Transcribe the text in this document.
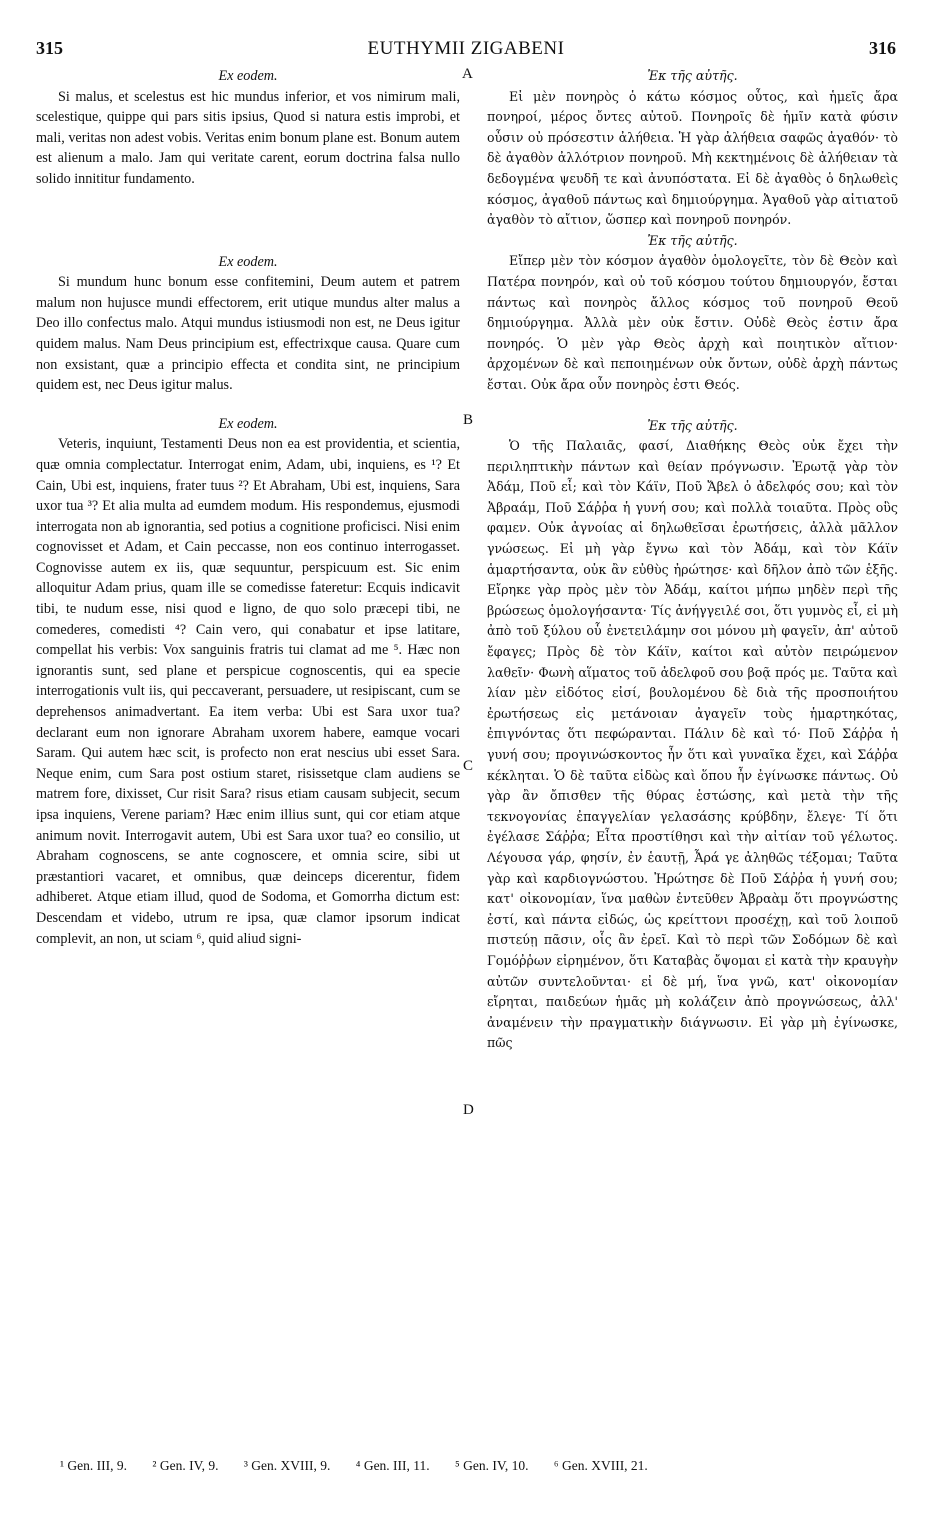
315	EUTHYMII ZIGABENI	316
Ex eodem.

Si malus, et scelestus est hic mundus inferior, et vos nimirum mali, scelestique, quippe qui pars sitis ipsius, Quod si natura estis improbi, et mali, veritas non adest vobis. Veritas enim bonum plane est. Bonum autem est alienum a malo. Jam qui veritate carent, eorum doctrina falsa nullo solido innititur fundamento.

Ex eodem.

Si mundum hunc bonum esse confitemini, Deum autem et patrem malum non hujusce mundi effectorem, erit utique mundus alter malus a Deo illo confectus malo. Atqui mundus istiusmodi non est, ne Deus igitur quidem malus. Nam Deus principium est, effectrixque causa. Quare cum non exsistant, quæ a principio effecta et condita sint, ne principium quidem est, nec Deus igitur malus.

Ex eodem.

Veteris, inquiunt, Testamenti Deus non ea est providentia, et scientia, quæ omnia complectatur. Interrogat enim, Adam, ubi, inquiens, es ¹? Et Cain, Ubi est, inquiens, frater tuus ²? Et Abraham, Ubi est, inquiens, Sara uxor tua ³? Et alia multa ad eumdem modum. His respondemus, ejusmodi interrogata non ab ignorantia, sed potius a cognitione proficisci. Nisi enim cognovisset et Adam, et Cain peccasse, non eos continuo interrogasset. Cognovisse autem ex iis, quæ sequuntur, perspicuum est. Sic enim alloquitur Adam prius, quam ille se comedisse fateretur: Ecquis indicavit tibi, te nudum esse, nisi quod e ligno, de quo solo præcepi tibi, ne comederes, comedisti ⁴? Cain vero, qui conabatur et ipse latitare, compellat his verbis: Vox sanguinis fratris tui clamat ad me ⁵. Hæc non ignorantis sunt, sed plane et perspicue cognoscentis, qui ea specie interrogationis vult iis, qui peccaverant, persuadere, ut resipiscant, cum se deprehensos animadvertant. Ea item verba: Ubi est Sara uxor tua? declarant eum non ignorare Abraham uxorem habere, eamque vocari Saram. Qui autem hæc scit, is profecto non erat nescius ubi esset Sara. Neque enim, cum Sara post ostium staret, risissetque clam audiens se matrem fore, dixisset, Cur risit Sara? risus etiam causam subjecit, secum ipsa inquiens, Verene pariam? Hæc enim illius sunt, qui cor etiam atque animum novit. Interrogavit autem, Ubi est Sara uxor tua? eo consilio, ut Abraham cognoscens, se ante cognoscere, et omnia scire, sibi ut præstantiori vacaret, et omnibus, quæ deinceps dicerentur, fidem adhiberet. Atque etiam illud, quod de Sodoma, et Gomorrha dictum est: Descendam et videbo, utrum re ipsa, quæ clamor ipsorum indicat complevit, an non, ut sciam ⁶, quid aliud signi-

Ἐκ τῆς αὐτῆς.

Εἰ μὲν πονηρὸς ὁ κάτω κόσμος οὗτος, καὶ ἡμεῖς ἄρα πονηροί, μέρος ὄντες αὐτοῦ. Πονηροῖς δὲ ἡμῖν κατὰ φύσιν οὖσιν οὐ πρόσεστιν ἀλήθεια. Ἡ γὰρ ἀλήθεια σαφῶς ἀγαθόν· τὸ δὲ ἀγαθὸν ἀλλότριον πονηροῦ. Μὴ κεκτημένοις δὲ ἀλήθειαν τὰ δεδογμένα ψευδῆ τε καὶ ἀνυπόστατα. Εἰ δὲ ἀγαθὸς ὁ δηλωθεὶς κόσμος, ἀγαθοῦ πάντως καὶ δημιούργημα. Ἀγαθοῦ γὰρ αἰτιατοῦ ἀγαθὸν τὸ αἴτιον, ὥσπερ καὶ πονηροῦ πονηρόν.

Ἐκ τῆς αὐτῆς.

Εἴπερ μὲν τὸν κόσμον ἀγαθὸν ὁμολογεῖτε, τὸν δὲ Θεὸν καὶ Πατέρα πονηρόν, καὶ οὐ τοῦ κόσμου τούτου δημιουργόν, ἔσται πάντως καὶ πονηρὸς ἄλλος κόσμος τοῦ πονηροῦ Θεοῦ δημιούργημα. Ἀλλὰ μὲν οὐκ ἔστιν. Οὐδὲ Θεὸς ἐστιν ἄρα πονηρός. Ὁ μὲν γὰρ Θεὸς ἀρχὴ καὶ ποιητικὸν αἴτιον· ἀρχομένων δὲ καὶ πεποιημένων οὐκ ὄντων, οὐδὲ ἀρχὴ πάντως ἔσται. Οὐκ ἄρα οὖν πονηρὸς ἐστι Θεός.

Ἐκ τῆς αὐτῆς.

Ὁ τῆς Παλαιᾶς, φασί, Διαθήκης Θεὸς οὐκ ἔχει τὴν περιληπτικὴν πάντων καὶ θείαν πρόγνωσιν. Ἐρωτᾷ γὰρ τὸν Ἀδάμ, Ποῦ εἶ; καὶ τὸν Κάϊν, Ποῦ Ἄβελ ὁ ἀδελφός σου; καὶ τὸν Ἀβραάμ, Ποῦ Σάῤῥα ἡ γυνή σου; καὶ πολλὰ τοιαῦτα. Πρὸς οὓς φαμεν. Οὐκ ἀγνοίας αἱ δηλωθεῖσαι ἐρωτήσεις, ἀλλὰ μᾶλλον γνώσεως. Εἰ μὴ γὰρ ἔγνω καὶ τὸν Ἀδάμ, καὶ τὸν Κάϊν ἁμαρτήσαντα, οὐκ ἂν εὐθὺς ἠρώτησε· καὶ δῆλον ἀπὸ τῶν ἑξῆς. Εἴρηκε γὰρ πρὸς μὲν τὸν Ἀδάμ, καίτοι μήπω μηδὲν περὶ τῆς βρώσεως ὁμολογήσαντα· Τίς ἀνήγγειλέ σοι, ὅτι γυμνὸς εἶ, εἰ μὴ ἀπὸ τοῦ ξύλου οὗ ἐνετειλάμην σοι μόνου μὴ φαγεῖν, ἀπ' αὐτοῦ ἔφαγες; Πρὸς δὲ τὸν Κάϊν, καίτοι καὶ αὐτὸν πειρώμενον λαθεῖν· Φωνὴ αἵματος τοῦ ἀδελφοῦ σου βοᾷ πρός με. Ταῦτα καὶ λίαν μὲν εἰδότος εἰσί, βουλομένου δὲ διὰ τῆς προσποιήτου ἐρωτήσεως εἰς μετάνοιαν ἀγαγεῖν τοὺς ἡμαρτηκότας, ἐπιγνόντας ὅτι πεφώρανται. Πάλιν δὲ καὶ τό· Ποῦ Σάῤῥα ἡ γυνή σου; προγινώσκοντος ἦν ὅτι καὶ γυναῖκα ἔχει, καὶ Σάῤῥα κέκληται. Ὁ δὲ ταῦτα εἰδὼς καὶ ὅπου ἦν ἐγίνωσκε πάντως. Οὐ γὰρ ἂν ὄπισθεν τῆς θύρας ἑστώσης, καὶ μετὰ τὴν τῆς τεκνογονίας ἐπαγγελίαν γελασάσης κρύβδην, ἔλεγε· Τί ὅτι ἐγέλασε Σάῤῥα; Εἶτα προστίθησι καὶ τὴν αἰτίαν τοῦ γέλωτος. Λέγουσα γάρ, φησίν, ἐν ἑαυτῇ, Ἆρά γε ἀληθῶς τέξομαι; Ταῦτα γὰρ καὶ καρδιογνώστου. Ἠρώτησε δὲ Ποῦ Σάῤῥα ἡ γυνή σου; κατ' οἰκονομίαν, ἵνα μαθὼν ἐντεῦθεν Ἀβραὰμ ὅτι προγνώστης ἐστί, καὶ πάντα εἰδώς, ὡς κρείττονι προσέχῃ, καὶ τοῦ λοιποῦ πιστεύῃ πᾶσιν, οἷς ἂν ἐρεῖ. Καὶ τὸ περὶ τῶν Σοδόμων δὲ καὶ Γομόῤῥων εἰρημένον, ὅτι Καταβὰς ὄψομαι εἰ κατὰ τὴν κραυγὴν αὐτῶν συντελοῦνται· εἰ δὲ μή, ἵνα γνῶ, κατ' οἰκονομίαν εἴρηται, παιδεύων ἡμᾶς μὴ κολάζειν ἀπὸ προγνώσεως, ἀλλ' ἀναμένειν τὴν πραγματικὴν διάγνωσιν. Εἰ γὰρ μὴ ἐγίνωσκε, πῶς

A
B
C
D
¹ Gen. III, 9. ² Gen. IV, 9. ³ Gen. XVIII, 9. ⁴ Gen. III, 11. ⁵ Gen. IV, 10. ⁶ Gen. XVIII, 21.
